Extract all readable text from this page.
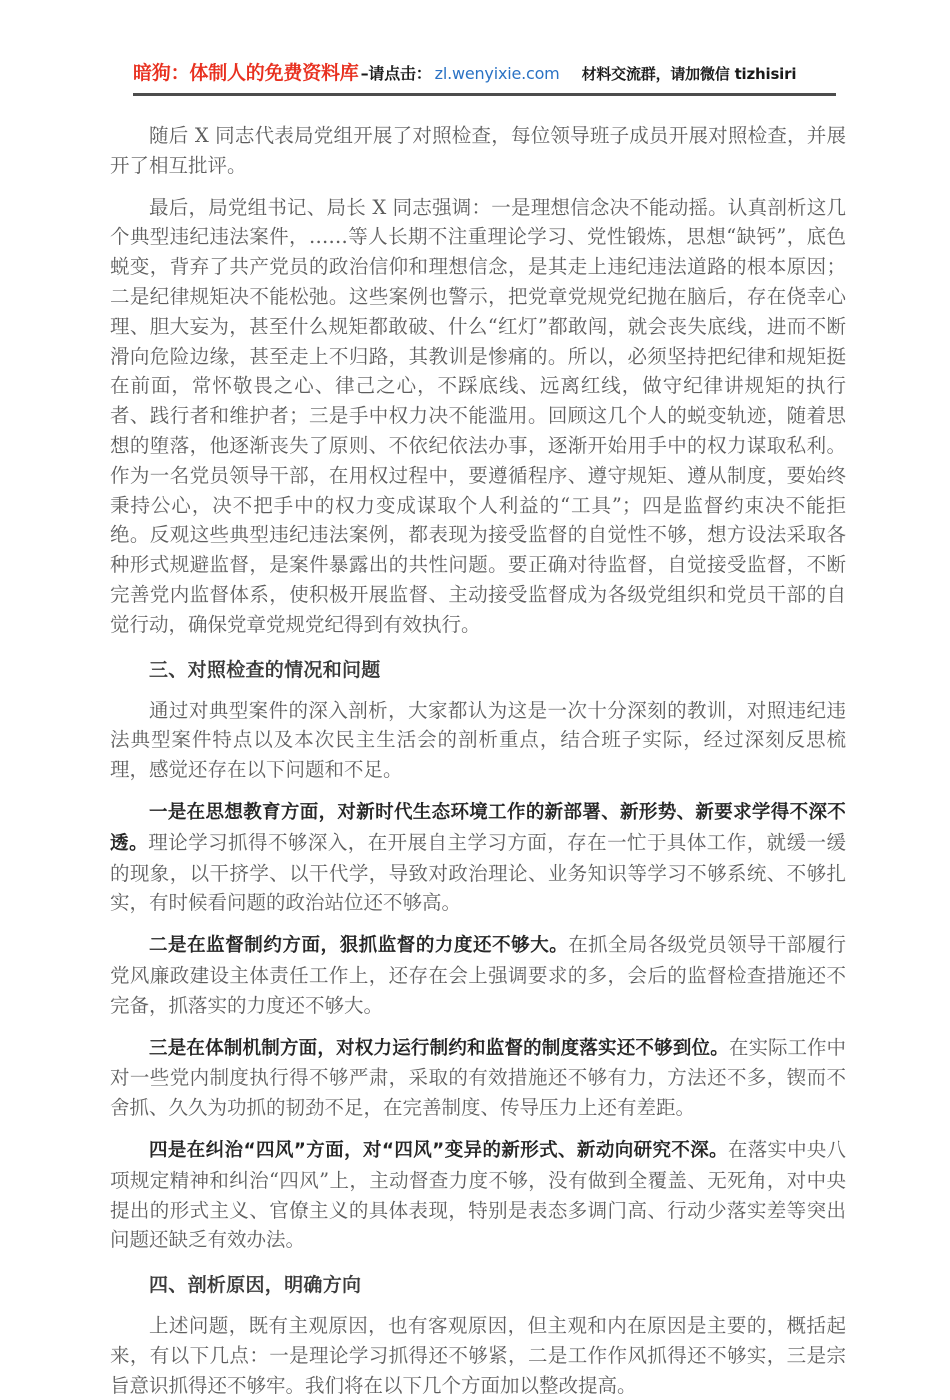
暗狗：体制人的免费资料库 –请点击： zl.wenyixie.com 材料交流群，请加微信 tizhisiri

随后 X 同志代表局党组开展了对照检查，每位领导班子成员开展对照检查，并展开了相互批评。

最后，局党组书记、局长 X 同志强调：一是理想信念决不能动摇。认真剖析这几个典型违纪违法案件，……等人长期不注重理论学习、党性锻炼，思想“缺钙”，底色蜕变，背弃了共产党员的政治信仰和理想信念，是其走上违纪违法道路的根本原因；二是纪律规矩决不能松弛。这些案例也警示，把党章党规党纪抛在脑后，存在侥幸心理、胆大妄为，甚至什么规矩都敢破、什么“红灯”都敢闯，就会丧失底线，进而不断滑向危险边缘，甚至走上不归路，其教训是惨痛的。所以，必须坚持把纪律和规矩挺在前面，常怀敬畏之心、律己之心，不踩底线、远离红线，做守纪律讲规矩的执行者、践行者和维护者；三是手中权力决不能滥用。回顾这几个人的蜕变轨迹，随着思想的堕落，他逐渐丧失了原则、不依纪依法办事，逐渐开始用手中的权力谋取私利。作为一名党员领导干部，在用权过程中，要遵循程序、遵守规矩、遵从制度，要始终秉持公心，决不把手中的权力变成谋取个人利益的“工具”；四是监督约束决不能拒绝。反观这些典型违纪违法案例，都表现为接受监督的自觉性不够，想方设法采取各种形式规避监督，是案件暴露出的共性问题。要正确对待监督，自觉接受监督，不断完善党内监督体系，使积极开展监督、主动接受监督成为各级党组织和党员干部的自觉行动，确保党章党规党纪得到有效执行。

三、对照检查的情况和问题

通过对典型案件的深入剖析，大家都认为这是一次十分深刻的教训，对照违纪违法典型案件特点以及本次民主生活会的剖析重点，结合班子实际，经过深刻反思梳理，感觉还存在以下问题和不足。

一是在思想教育方面，对新时代生态环境工作的新部署、新形势、新要求学得不深不透。理论学习抓得不够深入，在开展自主学习方面，存在一忙于具体工作，就缓一缓的现象，以干挤学、以干代学，导致对政治理论、业务知识等学习不够系统、不够扎实，有时候看问题的政治站位还不够高。

二是在监督制约方面，狠抓监督的力度还不够大。在抓全局各级党员领导干部履行党风廉政建设主体责任工作上，还存在会上强调要求的多，会后的监督检查措施还不完备，抓落实的力度还不够大。

三是在体制机制方面，对权力运行制约和监督的制度落实还不够到位。在实际工作中对一些党内制度执行得不够严肃，采取的有效措施还不够有力，方法还不多，锲而不舍抓、久久为功抓的韧劲不足，在完善制度、传导压力上还有差距。

四是在纠治“四风”方面，对“四风”变异的新形式、新动向研究不深。在落实中央八项规定精神和纠治“四风”上，主动督查力度不够，没有做到全覆盖、无死角，对中央提出的形式主义、官僚主义的具体表现，特别是表态多调门高、行动少落实差等突出问题还缺乏有效办法。

四、剖析原因，明确方向

上述问题，既有主观原因，也有客观原因，但主观和内在原因是主要的，概括起来，有以下几点：一是理论学习抓得还不够紧，二是工作作风抓得还不够实，三是宗旨意识抓得还不够牢。我们将在以下几个方面加以整改提高。
